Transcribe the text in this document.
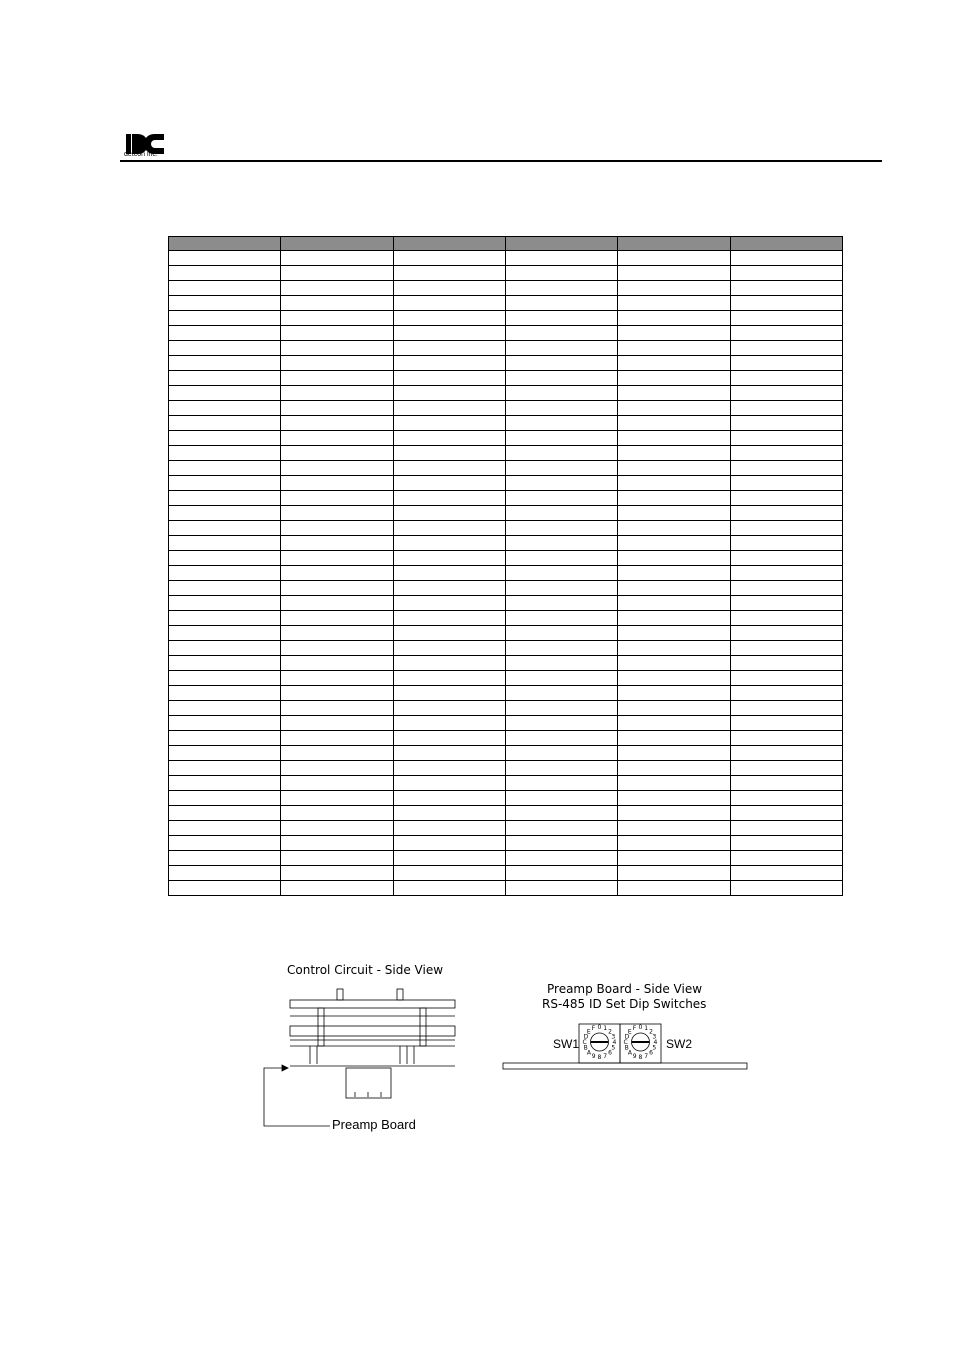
detcon inc.

Control Circuit - Side View
Preamp Board
Preamp Board - Side View
RS-485 ID Set Dip Switches
SW1	SW2
0 1 2
3
4
5
6
7
8
9
A
B
C
D
E F	0 1 2
3
4
5
6
7
8
9
A
B
C
D
E F
